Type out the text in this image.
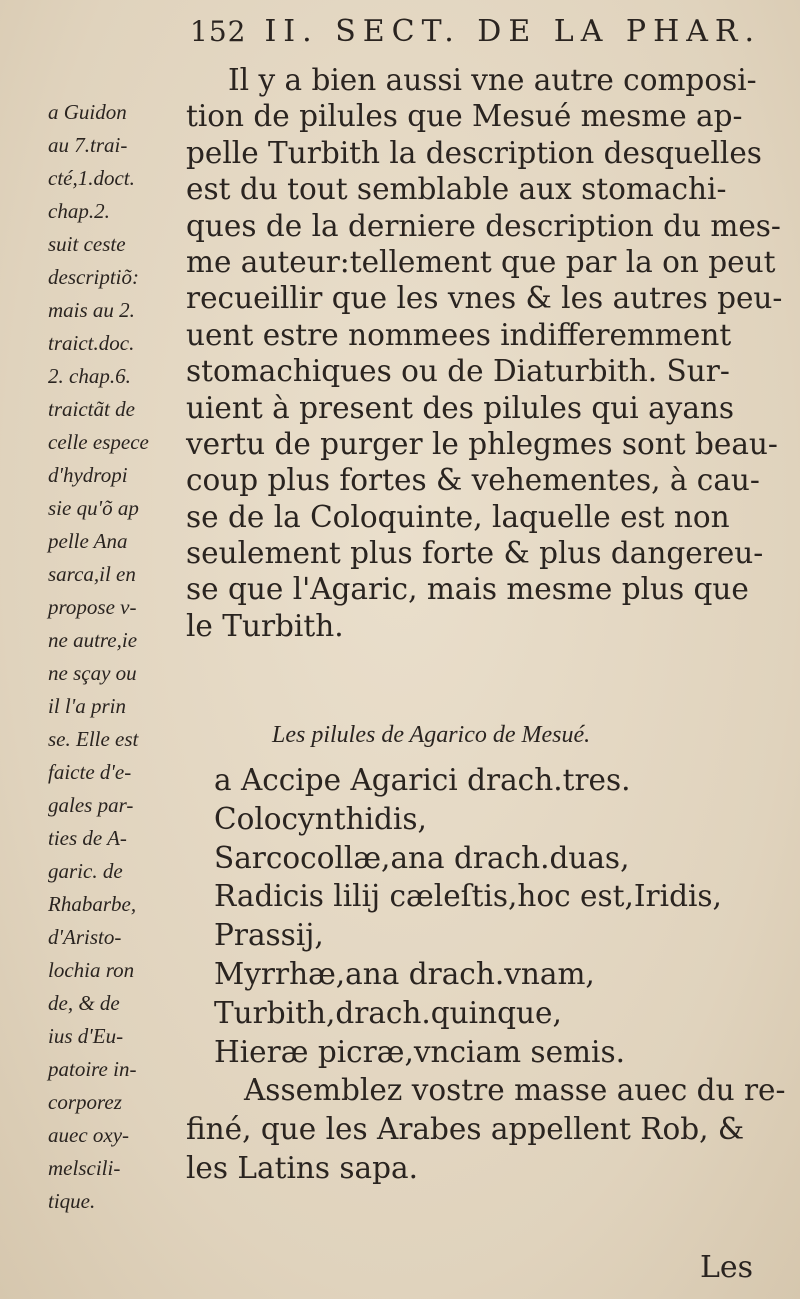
152 II. SECT. DE LA PHAR.
Il y a bien aussi vne autre composi-
tion de pilules que Mesué mesme ap-
pelle Turbith la description desquelles
est du tout semblable aux stomachi-
ques de la derniere description du mes-
me auteur:tellement que par la on peut
recueillir que les vnes & les autres peu-
uent estre nommees indifferemment
stomachiques ou de Diaturbith. Sur-
uient à present des pilules qui ayans
vertu de purger le phlegmes sont beau-
coup plus fortes & vehementes, à cau-
se de la Coloquinte, laquelle est non
seulement plus forte & plus dangereu-
se que l'Agaric, mais mesme plus que
le Turbith.
a Guidon
au 7.trai-
cté,1.doct.
chap.2.
suit ceste
descriptiõ:
mais au 2.
traict.doc.
2. chap.6.
traictãt de
celle espece
d'hydropi
sie qu'õ ap
pelle Ana
sarca,il en
propose v-
ne autre,ie
ne sçay ou
il l'a prin
se. Elle est
faicte d'e-
gales par-
ties de A-
garic. de
Rhabarbe,
d'Aristo-
lochia ron
de, & de
ius d'Eu-
patoire in-
corporez
auec oxy-
melscili-
tique.
Les pilules de Agarico de Mesué.
a Accipe Agarici drach.tres.
Colocynthidis,
Sarcocollæ,ana drach.duas,
Radicis lilij cæleſtis,hoc est,Iridis,
Prassij,
Myrrhæ,ana drach.vnam,
Turbith,drach.quinque,
Hieræ picræ,vnciam semis.
Assemblez vostre masse auec du re-
finé, que les Arabes appellent Rob, &
les Latins sapa.
Les
